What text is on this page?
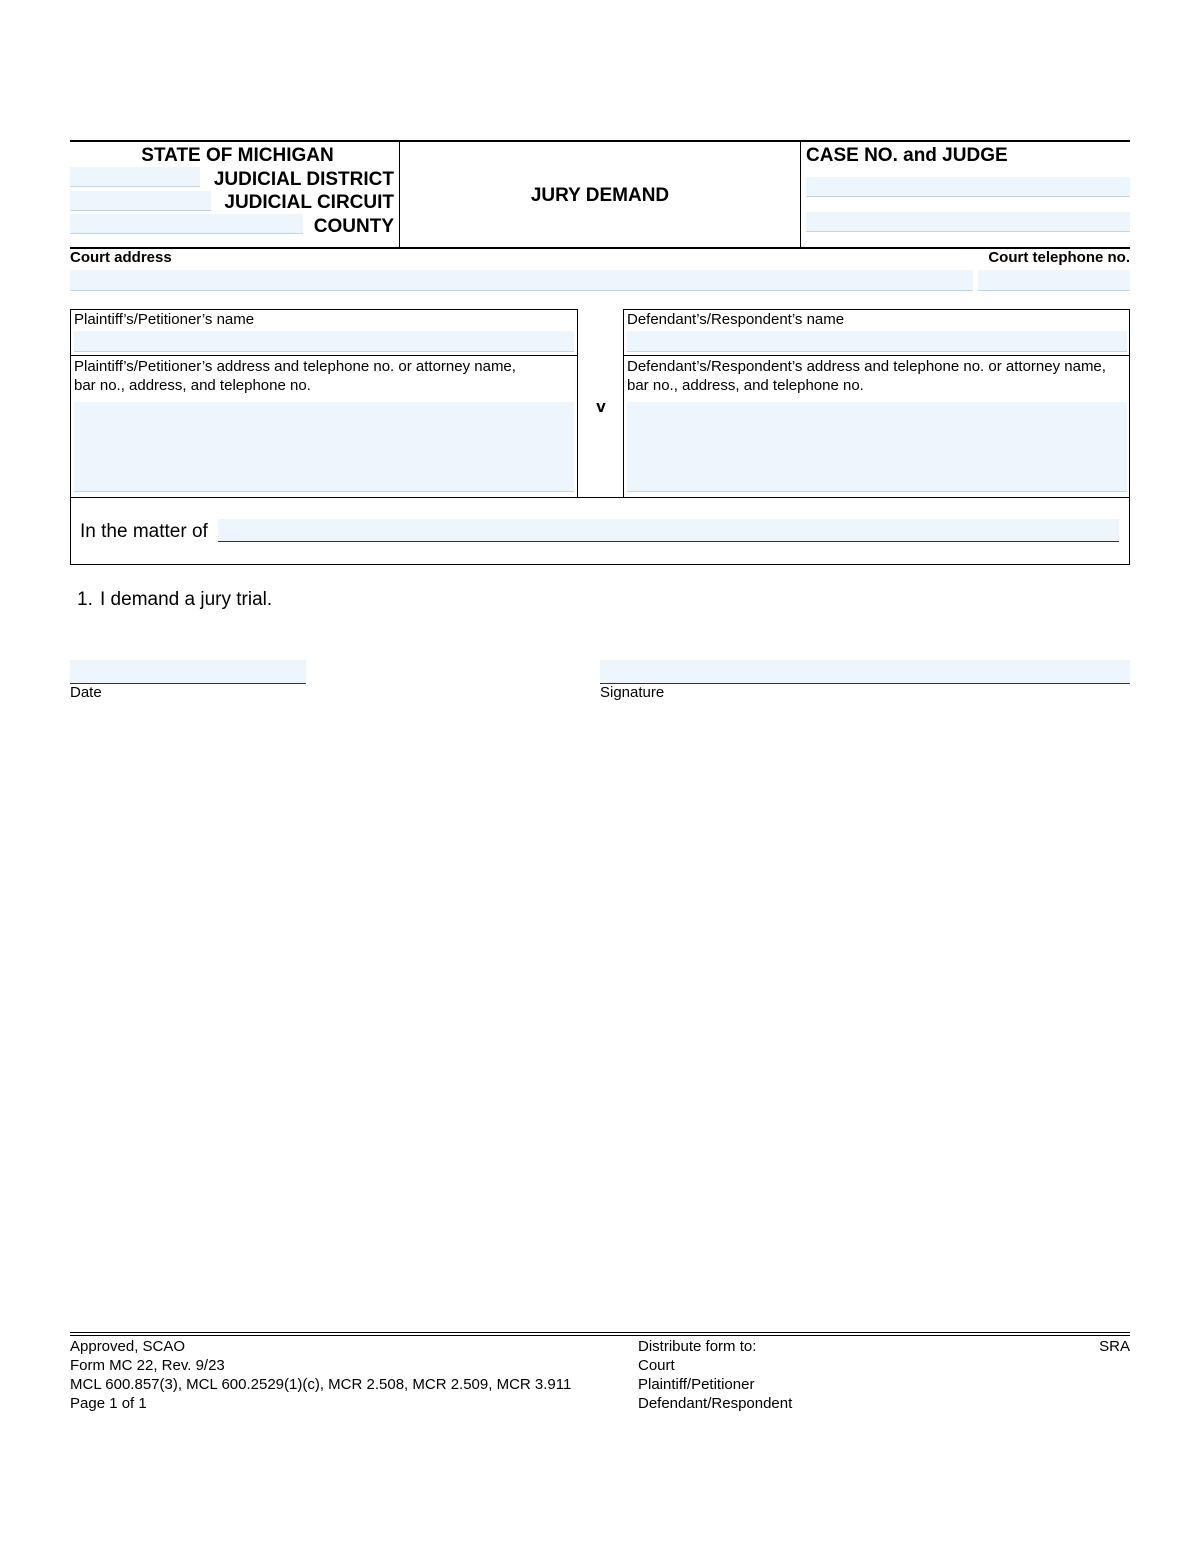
STATE OF MICHIGAN
JUDICIAL DISTRICT
JUDICIAL CIRCUIT
COUNTY
JURY DEMAND
CASE NO. and JUDGE
Court address	Court telephone no.
Plaintiff’s/Petitioner’s name
Plaintiff’s/Petitioner’s address and telephone no. or attorney name,
bar no., address, and telephone no.
v
Defendant’s/Respondent’s name
Defendant’s/Respondent’s address and telephone no. or attorney name,
bar no., address, and telephone no.
In the matter of
1. I demand a jury trial.
Date	Signature
Approved, SCAO
Form MC 22, Rev. 9/23
MCL 600.857(3), MCL 600.2529(1)(c), MCR 2.508, MCR 2.509, MCR 3.911
Page 1 of 1
Distribute form to:
Court
Plaintiff/Petitioner
Defendant/Respondent
SRA
